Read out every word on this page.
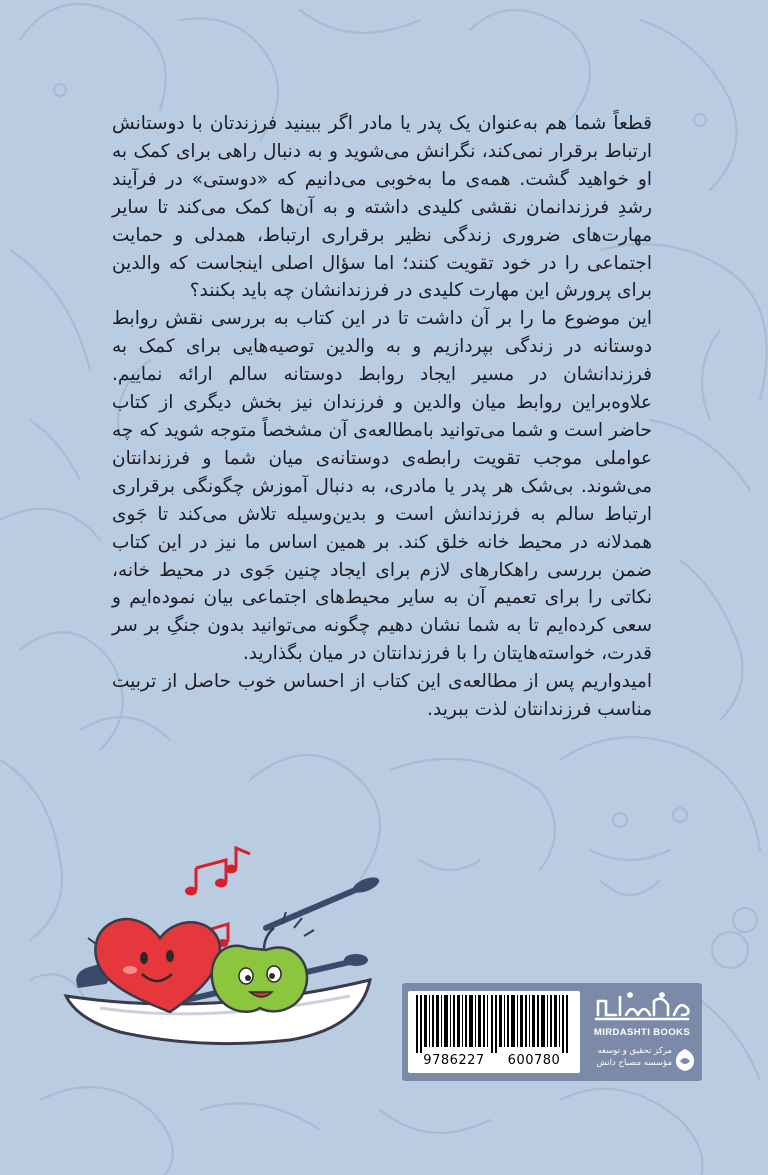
قطعاً شما هم به‌عنوان یک پدر یا مادر اگر ببینید فرزندتان با دوستانش ارتباط برقرار نمی‌کند، نگرانش می‌شوید و به دنبال راهی برای کمک به او خواهید گشت. همه‌ی ما به‌خوبی می‌دانیم که «دوستی» در فرآیند رشدِ فرزندانمان نقشی کلیدی داشته و به آن‌ها کمک می‌کند تا سایر مهارت‌های ضروری زندگی نظیر برقراری ارتباط، همدلی و حمایت اجتماعی را در خود تقویت کنند؛ اما سؤال اصلی اینجاست که والدین برای پرورش این مهارت کلیدی در فرزندانشان چه باید بکنند؟

این موضوع ما را بر آن داشت تا در این کتاب به بررسی نقش روابط دوستانه در زندگی بپردازیم و به والدین توصیه‌هایی برای کمک به فرزندانشان در مسیر ایجاد روابط دوستانه سالم ارائه نماییم. علاوه‌براین روابط میان والدین و فرزندان نیز بخش دیگری از کتاب حاضر است و شما می‌توانید بامطالعه‌ی آن مشخصاً متوجه شوید که چه عواملی موجب تقویت رابطه‌ی دوستانه‌ی میان شما و فرزندانتان می‌شوند. بی‌شک هر پدر یا مادری، به دنبال آموزش چگونگی برقراری ارتباط سالم به فرزندانش است و بدین‌وسیله تلاش می‌کند تا جَوی همدلانه در محیط خانه خلق کند. بر همین اساس ما نیز در این کتاب ضمن بررسی راهکارهای لازم برای ایجاد چنین جَوی در محیط خانه، نکاتی را برای تعمیم آن به سایر محیط‌های اجتماعی بیان نموده‌ایم و سعی کرده‌ایم تا به شما نشان دهیم چگونه می‌توانید بدون جنگِ بر سر قدرت، خواسته‌هایتان را با فرزندانتان در میان بگذارید.

امیدواریم پس از مطالعه‌ی این کتاب از احساس خوب حاصل از تربیت مناسب فرزندانتان لذت ببرید.

9786227	600780
MIRDASHTI BOOKS
مرکز تحقیق و توسعه
مؤسسه مصباح دانش
